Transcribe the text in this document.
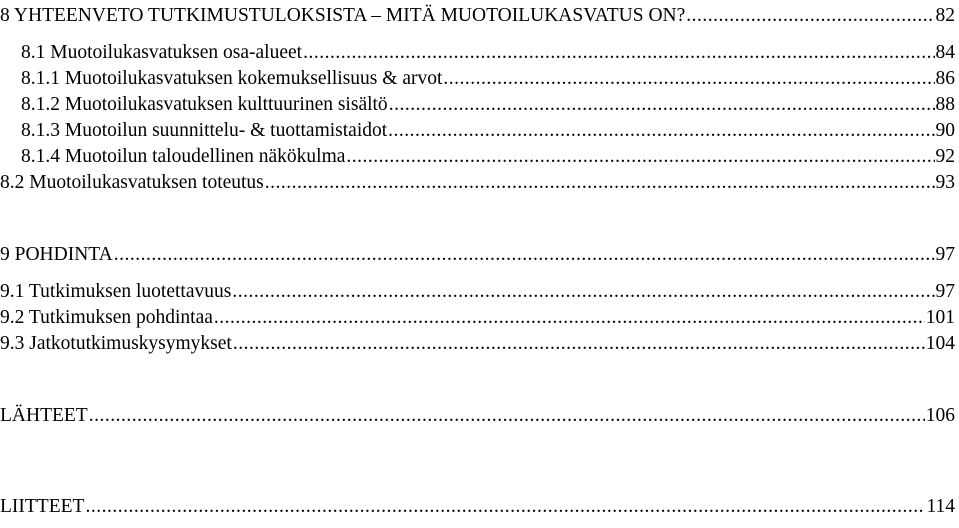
8 YHTEENVETO TUTKIMUSTULOKSISTA – MITÄ MUOTOILUKASVATUS ON? .....	82
8.1 Muotoilukasvatuksen osa-alueet .....	84
8.1.1 Muotoilukasvatuksen kokemuksellisuus & arvot .....	86
8.1.2 Muotoilukasvatuksen kulttuurinen sisältö .....	88
8.1.3 Muotoilun suunnittelu- & tuottamistaidot .....	90
8.1.4 Muotoilun taloudellinen näkökulma .....	92
8.2 Muotoilukasvatuksen toteutus .....	93
9 POHDINTA .....	97
9.1 Tutkimuksen luotettavuus .....	97
9.2 Tutkimuksen pohdintaa .....	101
9.3 Jatkotutkimuskysymykset .....	104
LÄHTEET .....	106
LIITTEET .....	114
